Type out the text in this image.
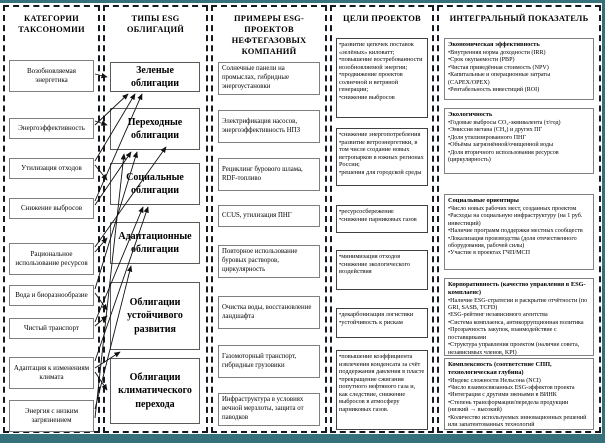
КАТЕГОРИИ ТАКСОНОМИИ
Возобновляемая энергетика
Энергоэффективность
Утилизация отходов
Снижение выбросов
Рациональное использование ресурсов
Вода и биоразнообразие
Чистый транспорт
Адаптация к изменениям климата
Энергия с низким загрязнением
ТИПЫ ESG ОБЛИГАЦИЙ
Зеленые облигации
Переходные облигации
Социальные облигации
Адаптационные облигации
Облигации устойчивого развития
Облигации климатического перехода
ПРИМЕРЫ ESG-ПРОЕКТОВ НЕФТЕГАЗОВЫХ КОМПАНИЙ
Солнечные панели на промыслах, гибридные энергоустановки
Электрификация насосов, энергоэффективность НПЗ
Рециклинг бурового шлама, RDF-топливо
CCUS, утилизация ПНГ
Повторное использование буровых растворов, циркулярность
Очистка воды, восстановление ландшафта
Газомоторный транспорт, гибридные грузовики
Инфраструктура в условиях вечной мерзлоты, защита от паводков
ЦЕЛИ ПРОЕКТОВ
• развитие цепочек поставок «зелёных» киловатт;
• повышение востребованности возобновляемой энергии;
• продвижение проектов солнечной и ветряной генерации;
• снижение выбросов
• снижение энергопотребления
• развитие ветроэнергетики, в том числе создание новых ветропарков в южных регионах России;
• решения для городской среды
• ресурсосбережение
• снижение парниковых газов
• минимизация отходов
• снижение экологического воздействия
• декарбонизация логистики
• устойчивость к рискам
• повышение коэффициента извлечения конденсата за счёт поддержания давления в пласте
• прекращение сжигания попутного нефтяного газа и, как следствие, снижение выбросов в атмосферу парниковых газов.
ИНТЕГРАЛЬНЫЙ ПОКАЗАТЕЛЬ
Экономическая эффективность
• Внутренняя норма доходности (IRR)
• Срок окупаемости (PBP)
• Чистая приведённая стоимость (NPV)
• Капитальные и операционные затраты (CAPEX/OPEX)
• Рентабельность инвестиций (ROI)
Экологичность
• Годовые выбросы CO₂-эквивалента (т/год)
• Эмиссия метана (CH₄) и других ПГ
• Доля утилизированного ПНГ
• Объёмы загрязнённой/очищенной воды
• Доля вторичного использования ресурсов (циркулярность)
Социальные ориентиры
• Число новых рабочих мест, созданных проектом
• Расходы на социальную инфраструктуру (на 1 руб. инвестиций)
• Наличие программ поддержки местных сообществ
• Локализация производства (доля отечественного оборудования, рабочей силы)
• Участие в проектах ГЧП/МСП
Корпоративность (качество управления в ESG-комплаенс)
• Наличие ESG-стратегии и раскрытие отчётности (по GRI, SASB, TCFD)
• ESG-рейтинг независимого агентства
• Система комплаенса, антикоррупционная политика
• Прозрачность закупок, взаимодействие с поставщиками
• Структура управления проектом (наличие совета, независимых членов, KPI)
Комплексность (соответствие СПП, технологическая глубина)
• Индекс сложности Нельсона (NCI)
• Число взаимосвязанных ESG-эффектов проекта
• Интеграция с другими звеньями в ВИНК
• Степень трансформации/передела продукции (низкий → высокий)
• Количество используемых инновационных решений или запатентованных технологий
